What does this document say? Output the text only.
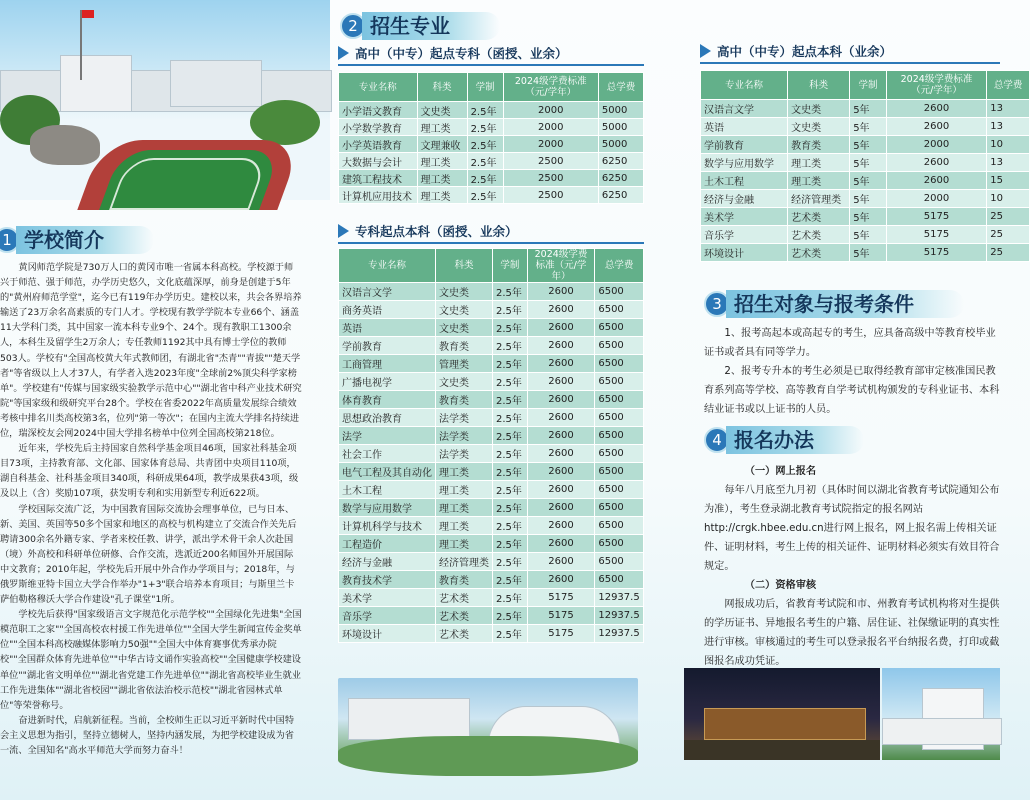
1 学校简介

黄冈师范学院是730万人口的黄冈市唯一省属本科高校。学校源于师兴于师范、强于师范，办学历史悠久，文化底蕴深厚，前身是创建于5年的"黄州府师范学堂"，迄今已有119年办学历史。建校以来，共会各界培养输送了23万余名高素质的专门人才。学校现有教学学院本专业66个、涵盖11大学科门类，其中国家一流本科专业9个、24个。现有教职工1300余人，本科生及留学生2万余人；专任教师1192其中具有博士学位的教师503人。学校有"全国高校黄大年式教师团，有湖北省"杰青""青拔""楚天学者"等省级以上人才37人，有学者入选2023年度"全球前2%顶尖科学家榜单"。学校建有"传媒与国家级实验教学示范中心""湖北省中科产业技术研究院"等国家级和级研究平台28个。学校在省委2022年高质量发展综合绩效考核中排名川类高校第3名，位列"第一等次"；在国内主流大学排名持续进位，瑞深校友会网2024中国大学排名榜单中位列全国高校第218位。

近年来，学校先后主持国家自然科学基金项目46项，国家社科基金项目73项，主持教育部、文化部、国家体育总局、共青团中央项目110项，湖自科基金、社科基金项目340项，科研成果64项，教学成果获43项，级及以上（含）奖励107项，获发明专利和实用新型专利近622项。

学校国际交流广泛，为中国教育国际交流协会理事单位，已与日本、新、美国、英国等50多个国家和地区的高校与机构建立了交流合作关先后聘请300余名外籍专家、学者来校任教、讲学，派出学术骨干余人次赴国（境）外高校和科研单位研修、合作交流，选派近200名师国外开展国际中文教育；2010年起，学校先后开展中外合作办学项目与；2018年，与俄罗斯维亚特卡国立大学合作举办"1+3"联合培养本育项目；与斯里兰卡萨伯勒格穆沃大学合作建设"孔子课堂"1所。

学校先后获得"国家级语言文字规范化示范学校""全国绿化先进集"全国模范职工之家""全国高校农村援工作先进单位""全国大学生新闻宣传金奖单位""全国本科高校融媒体影响力50强""全国大中体育赛事优秀承办院校""全国群众体育先进单位""中华古诗文诵作实验高校""全国健康学校建设单位""湖北省文明单位""湖北省党建工作先进单位""湖北省高校毕业生就业工作先进集体""湖北省校园""湖北省依法治校示范校""湖北省园林式单位"等荣誉称号。

奋进新时代，启航新征程。当前，全校师生正以习近平新时代中国特会主义思想为指引，坚持立德树人，坚持内涵发展，为把学校建设成为省一流、全国知名"高水平师范大学而努力奋斗！

2 招生专业
高中（中专）起点专科（函授、业余）
专业名称	科类	学制	2024级学费标准（元/学年）	总学费
小学语文教育	文史类	2.5年	2000	5000
小学数学教育	理工类	2.5年	2000	5000
小学英语教育	文理兼收	2.5年	2000	5000
大数据与会计	理工类	2.5年	2500	6250
建筑工程技术	理工类	2.5年	2500	6250
计算机应用技术	理工类	2.5年	2500	6250
专科起点本科（函授、业余）
专业名称	科类	学制	2024级学费标准（元/学年）	总学费
汉语言文学	文史类	2.5年	2600	6500
商务英语	文史类	2.5年	2600	6500
英语	文史类	2.5年	2600	6500
学前教育	教育类	2.5年	2600	6500
工商管理	管理类	2.5年	2600	6500
广播电视学	文史类	2.5年	2600	6500
体育教育	教育类	2.5年	2600	6500
思想政治教育	法学类	2.5年	2600	6500
法学	法学类	2.5年	2600	6500
社会工作	法学类	2.5年	2600	6500
电气工程及其自动化	理工类	2.5年	2600	6500
土木工程	理工类	2.5年	2600	6500
数学与应用数学	理工类	2.5年	2600	6500
计算机科学与技术	理工类	2.5年	2600	6500
工程造价	理工类	2.5年	2600	6500
经济与金融	经济管理类	2.5年	2600	6500
教育技术学	教育类	2.5年	2600	6500
美术学	艺术类	2.5年	5175	12937.5
音乐学	艺术类	2.5年	5175	12937.5
环境设计	艺术类	2.5年	5175	12937.5
高中（中专）起点本科（业余）
专业名称	科类	学制	2024级学费标准（元/学年）	总学费
汉语言文学	文史类	5年	2600	13
英语	文史类	5年	2600	13
学前教育	教育类	5年	2000	10
数学与应用数学	理工类	5年	2600	13
土木工程	理工类	5年	2600	15
经济与金融	经济管理类	5年	2000	10
美术学	艺术类	5年	5175	25
音乐学	艺术类	5年	5175	25
环境设计	艺术类	5年	5175	25
3 招生对象与报考条件

1、报考高起本或高起专的考生，应具备高级中等教育校毕业证书或者具有同等学力。

2、报考专升本的考生必须是已取得经教育部审定核准国民教育系列高等学校、高等教育自学考试机构颁发的专科业证书、本科结业证书或以上证书的人员。

4 报名办法

（一）网上报名

每年八月底至九月初（具体时间以湖北省教育考试院通知公布为准），考生登录湖北教育考试院指定的报名网站http://crgk.hbee.edu.cn进行网上报名，网上报名需上传相关证件、证明材料，考生上传的相关证件、证明材料必须实有效目符合规定。

（二）资格审核

网报成功后，省教育考试院和市、州教育考试机构将对生提供的学历证书、异地报名考生的户籍、居住证、社保缴证明的真实性进行审核。审核通过的考生可以登录报名平台纳报名费，打印或截图报名成功凭证。
